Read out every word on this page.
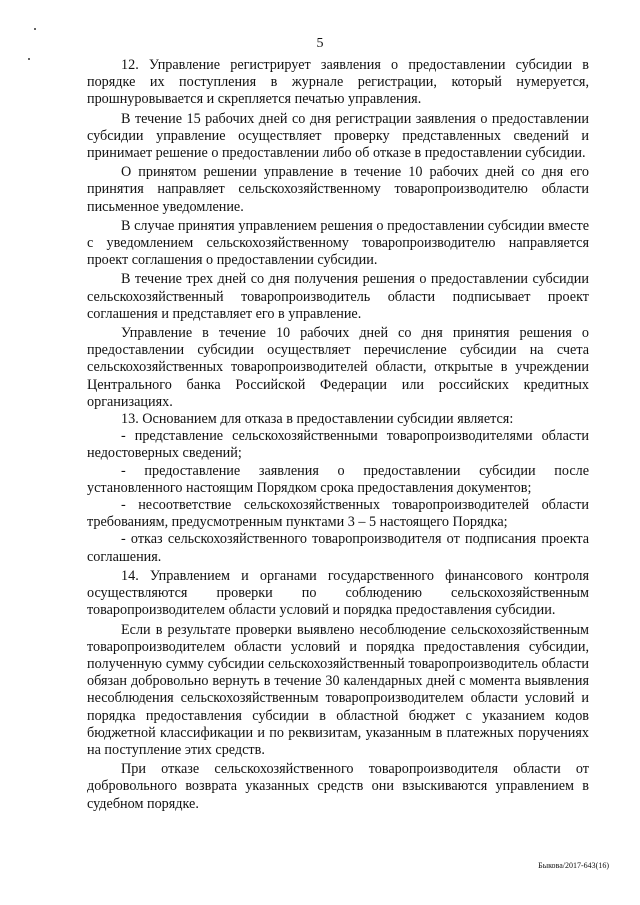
5

12. Управление регистрирует заявления о предоставлении субсидии в порядке их поступления в журнале регистрации, который нумеруется, прошнуровывается и скрепляется печатью управления.

В течение 15 рабочих дней со дня регистрации заявления о предоставлении субсидии управление осуществляет проверку представленных сведений и принимает решение о предоставлении либо об отказе в предоставлении субсидии.

О принятом решении управление в течение 10 рабочих дней со дня его принятия направляет сельскохозяйственному товаропроизводителю области письменное уведомление.

В случае принятия управлением решения о предоставлении субсидии вместе с уведомлением сельскохозяйственному товаропроизводителю направляется проект соглашения о предоставлении субсидии.

В течение трех дней со дня получения решения о предоставлении субсидии сельскохозяйственный товаропроизводитель области подписывает проект соглашения и представляет его в управление.

Управление в течение 10 рабочих дней со дня принятия решения о предоставлении субсидии осуществляет перечисление субсидии на счета сельскохозяйственных товаропроизводителей области, открытые в учреждении Центрального банка Российской Федерации или российских кредитных организациях.

13. Основанием для отказа в предоставлении субсидии является:

- представление сельскохозяйственными товаропроизводителями области недостоверных сведений;

- предоставление заявления о предоставлении субсидии после установленного настоящим Порядком срока предоставления документов;

- несоответствие сельскохозяйственных товаропроизводителей области требованиям, предусмотренным пунктами 3 – 5 настоящего Порядка;

- отказ сельскохозяйственного товаропроизводителя от подписания проекта соглашения.

14. Управлением и органами государственного финансового контроля осуществляются проверки по соблюдению сельскохозяйственным товаропроизводителем области условий и порядка предоставления субсидии.

Если в результате проверки выявлено несоблюдение сельскохозяйственным товаропроизводителем области условий и порядка предоставления субсидии, полученную сумму субсидии сельскохозяйственный товаропроизводитель области обязан добровольно вернуть в течение 30 календарных дней с момента выявления несоблюдения сельскохозяйственным товаропроизводителем области условий и порядка предоставления субсидии в областной бюджет с указанием кодов бюджетной классификации и по реквизитам, указанным в платежных поручениях на поступление этих средств.

При отказе сельскохозяйственного товаропроизводителя области от добровольного возврата указанных средств они взыскиваются управлением в судебном порядке.

Быкова/2017-643(16)
